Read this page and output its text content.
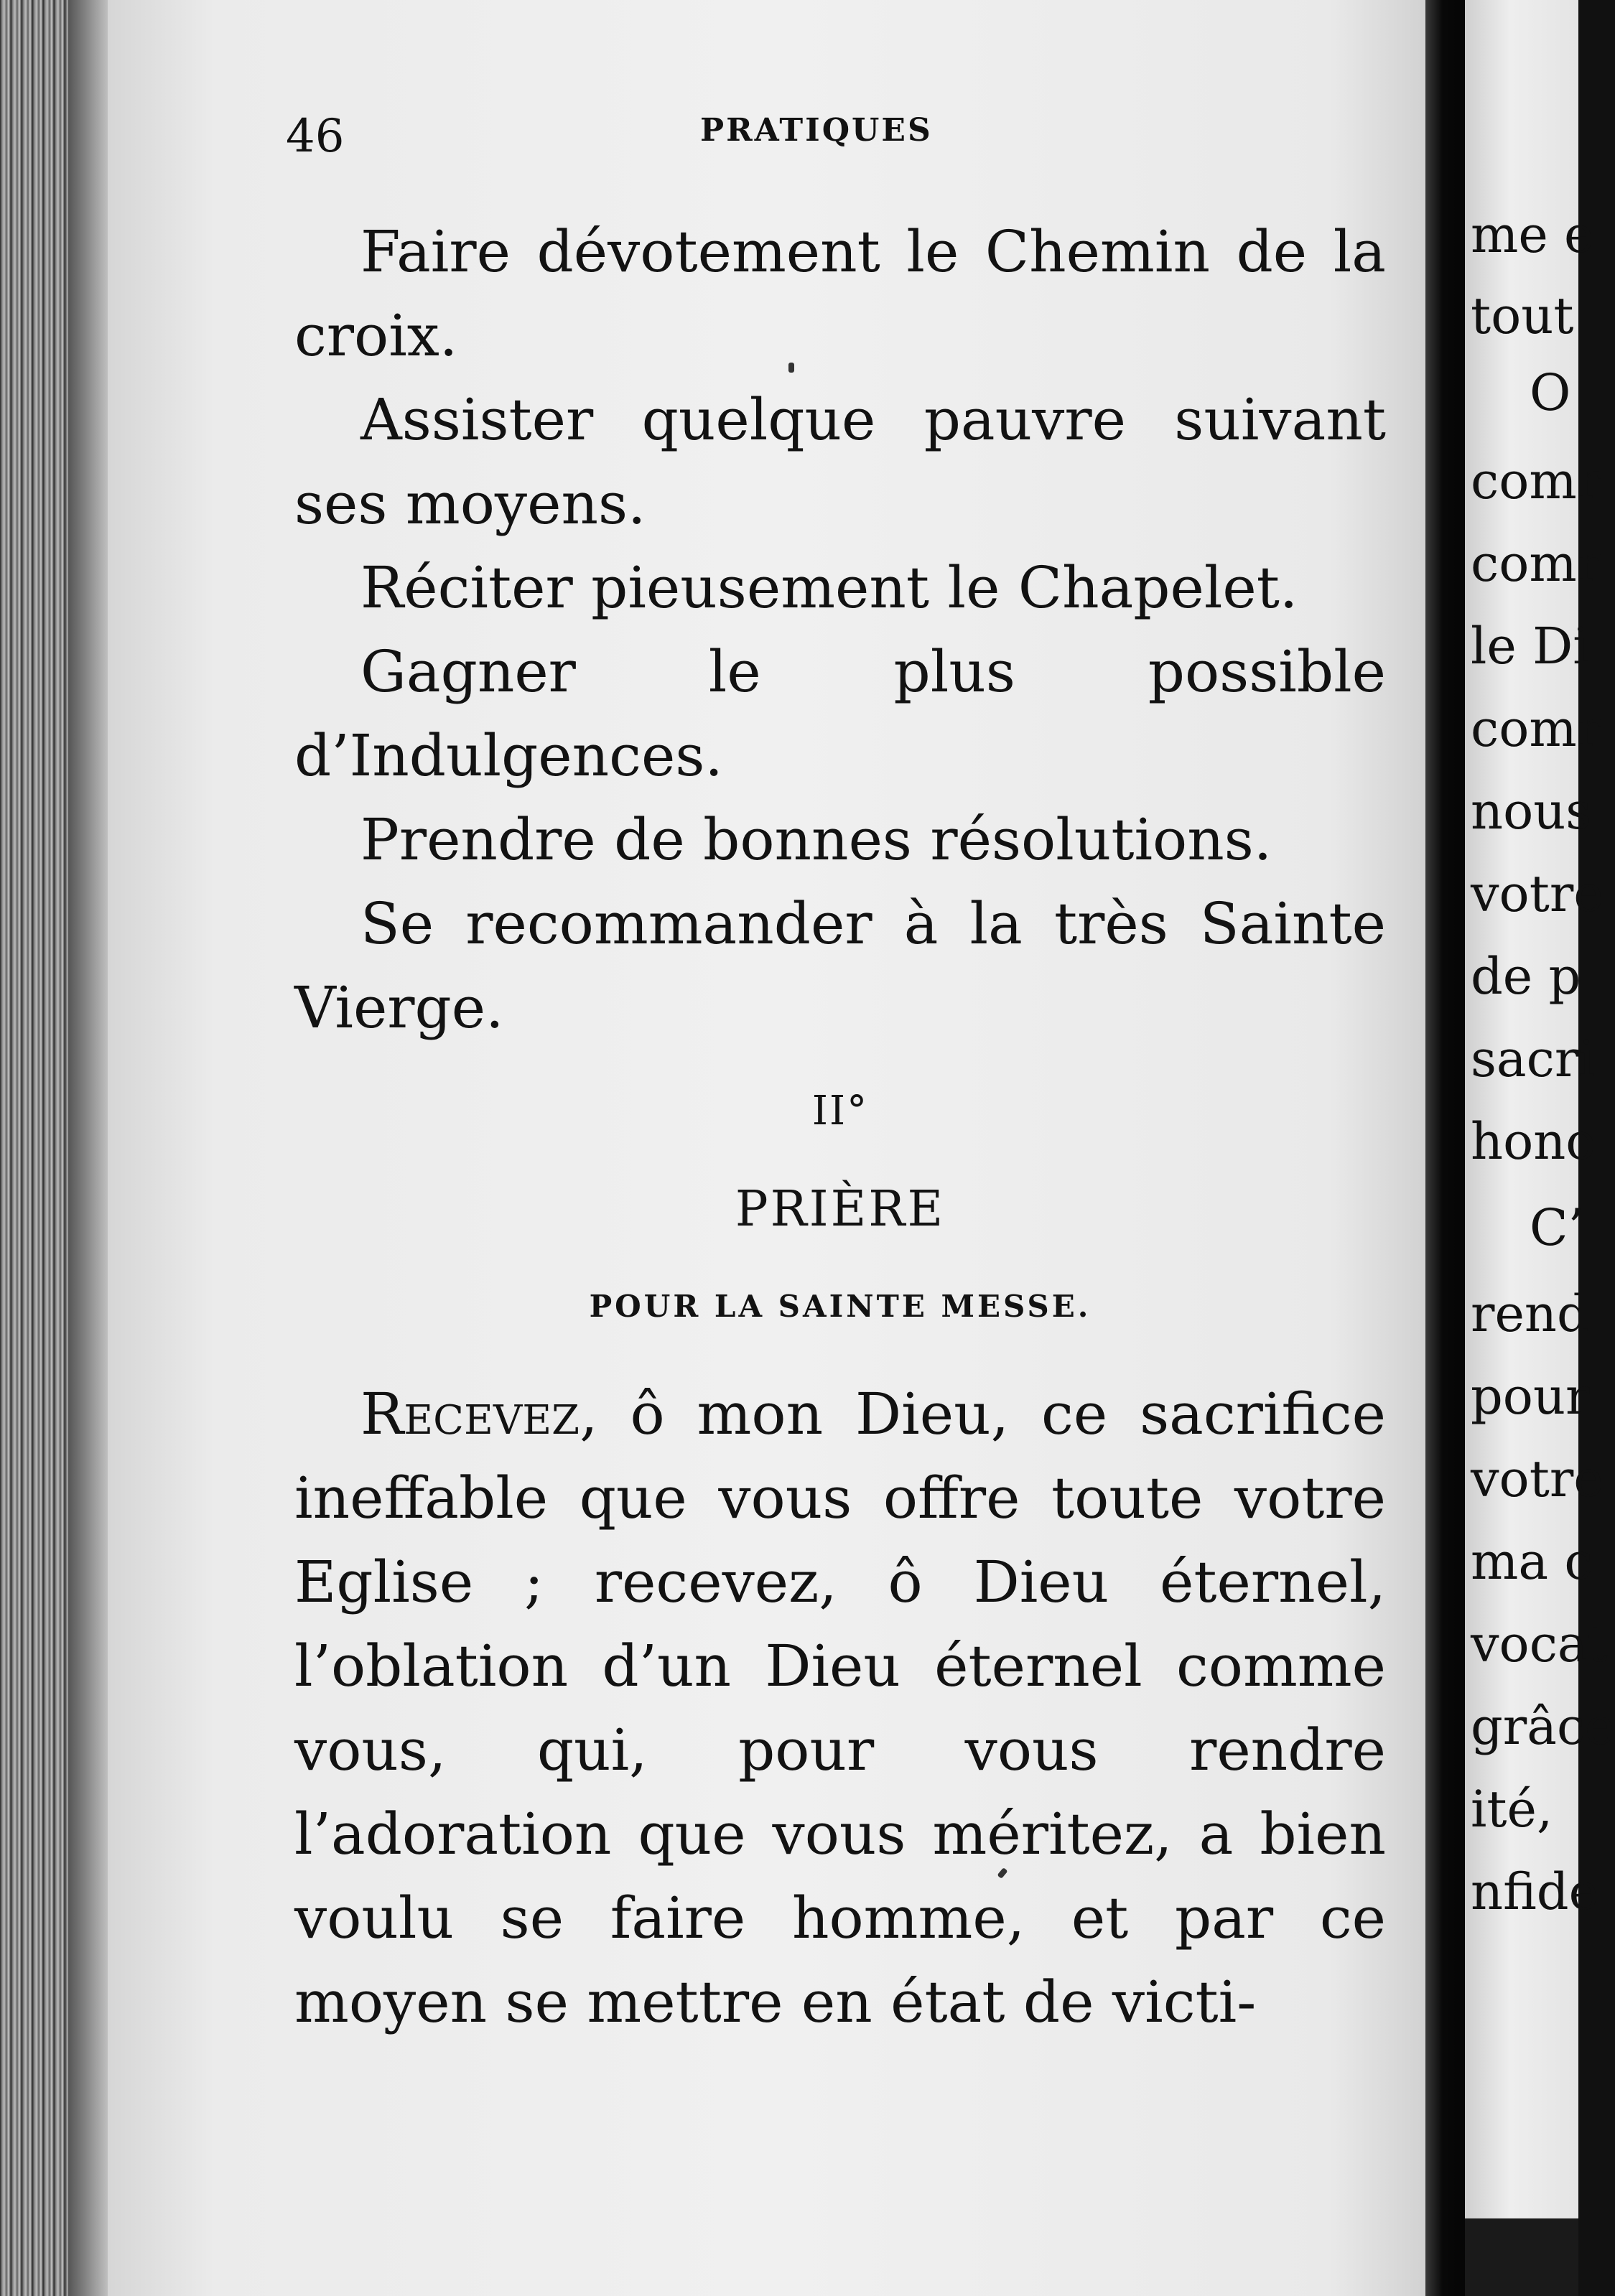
46	PRATIQUES

Faire dévotement le Chemin de la croix.

Assister quelque pauvre suivant ses moyens.

Réciter pieusement le Chapelet.

Gagner le plus possible d’Indulgences.

Prendre de bonnes résolutions.

Se recommander à la très Sainte Vierge.

II°

PRIÈRE

POUR LA SAINTE MESSE.

Recevez, ô mon Dieu, ce sacrifice ineffable que vous offre toute votre Eglise ; recevez, ô Dieu éternel, l’oblation d’un Dieu éternel comme vous, qui, pour vous rendre l’adoration que vous méritez, a bien voulu se faire homme, et par ce moyen se mettre en état de victi-

me e
tout
O
comr
comr
le Di
comr
nous
votre
de p
sacri
hono
C’
rend
pour
votre
ma c
vocat
grâce
ité,
nfide
